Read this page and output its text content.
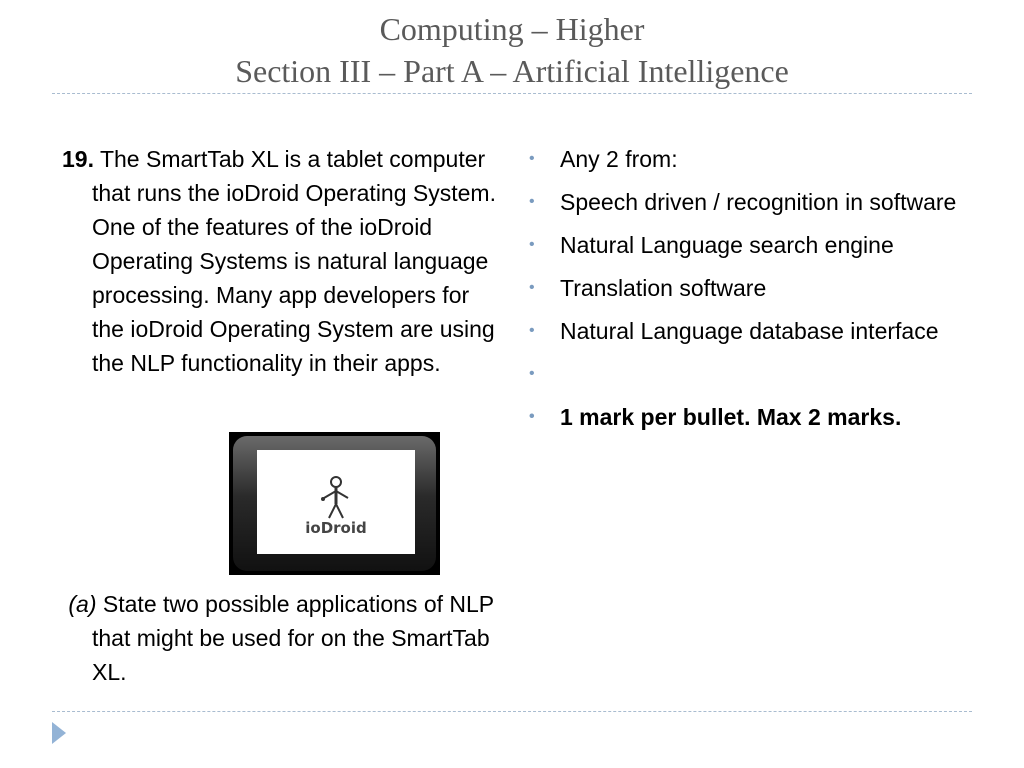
Computing – Higher
Section III – Part A – Artificial Intelligence

19. The SmartTab XL is a tablet computer that runs the ioDroid Operating System. One of the features of the ioDroid Operating Systems is natural language processing. Many app developers for the ioDroid Operating System are using the NLP functionality in their apps.

ioDroid

(a) State two possible applications of NLP that might be used for on the SmartTab XL.

• Any 2 from:
• Speech driven / recognition in software
• Natural Language search engine
• Translation software
• Natural Language database interface
•
• 1 mark per bullet. Max 2 marks.
